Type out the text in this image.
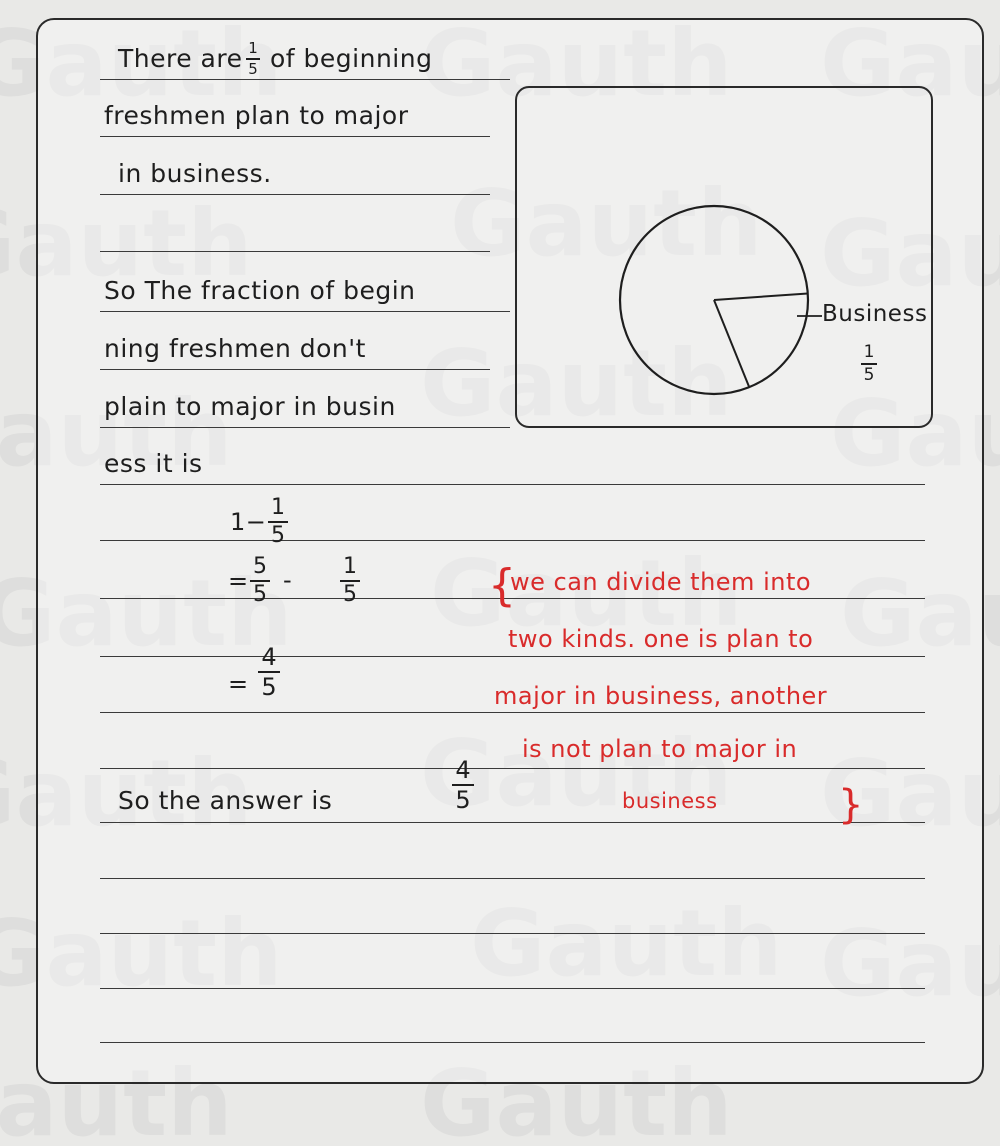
There are 1
5 of beginning
freshmen plan to major
in business.
So The fraction of begin
ning freshmen don't
plain to major in busin
ess it is
1−
1
5
=
5
5
- 1
5
=
4
5
So the answer is
4
5
Business
1
5
{
we can divide them into
two kinds. one is plan to
major in business, another
is not plan to major in
business	}
